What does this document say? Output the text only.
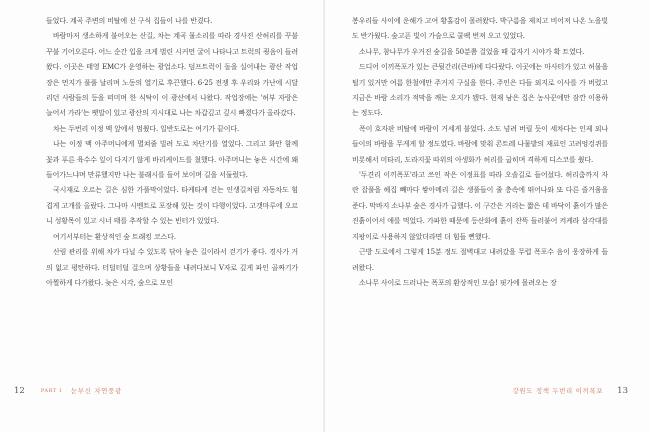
들었다. 계곡 주변의 비탈에 선 구식 집들이 나를 반겼다.

바람마저 생소하게 불어오는 산길, 차는 계곡 물소리를 따라 경사진 산허리를 꾸불꾸불 기어오른다. 어느 순간 입을 크게 벌린 시커먼 굴이 나타나고 트럭의 굉음이 들려왔다. 이곳은 태영 EMC가 운영하는 광업소다. 덤프트럭이 돌을 실어내는 광산 작업장은 먼지가 풀풀 날리며 노동의 열기로 후끈했다. 6·25 전쟁 후 우리와 가난에 시달리던 사람들의 등을 떠미며 한 식탁이 이 광산에서 나왔다. 작업장에는 '허부 자랑은 늘어서 가라'는 팻말이 있고 광산의 지시대로 나는 차갑깊고 깊시 빠졌다가 올라갔다.

차는 두번리 이정 맥 앞에서 멈췄다. 일반도로는 여기가 끝이다.

나는 이정 맥 아주머니에게 멸쳐줄 빌려 도로 차단기를 열었다. 그리고 화안 함께 꽃과 푸른 육수수 잎이 다지기 않게 바리케이드를 쳤했다. 아주머니는 놓은 시간에 왜 들어가느냐며 만류했지만 나는 불래시를 들어 보이며 길을 서둘렀다.

국시재로 오르는 길은 심한 가풀막이었다. 타케타케 걷는 인생길처럼 자동차도 힘겹게 고개를 올랐다. 그나마 시멘트로 포장해 있는 것이 다행이었다. 고갯마루에 오르니 성황목이 있고 시너 태를 추작할 수 있는 빈터가 있었다.

여기서부터는 환상적인 숲 트래킹 코스다.

산림 관리를 위해 차가 다닐 수 있도록 닦아 놓은 길이라서 걷기가 좋다. 경사가 거의 없고 평탄하다. 터덜터덜 걸으며 상황들을 내려다보니 V자로 깊게 파인 골짜기가 아찔하게 다가왔다. 늦은 시각, 숲으로 모인

12	PART 1 눈부신 자연풍광

봉우리들 사이에 운해가 고여 황홀감이 몰려왔다. 박구름을 제치고 비어져 나온 노을빛도 반가웠다. 숲고픈 빛이 가슴으로 쿨팩 번져 오고 있었다.

소나무, 참나무가 우거진 숲길을 50분쯤 걸었을 때 갑자기 시야가 확 트였다.

드디어 이끼폭포가 있는 큰뒷간리(큰바)에 다다랐다. 이곳에는 마사터가 있고 허물을 털기 있거만 여름 한철에만 주거지 구실을 한다. 주인은 다들 외지로 이사를 가 버렸고 지금은 바람 소리가 적막을 깨는 오지가 됐다. 현재 남은 집은 농사꾼에만 잠깐 이용하는 정도다.

폭이 호자판 비탈에 바람이 거세게 불었다. 소도 넘려 버릴 듯이 세차다는 인제 외나들이의 바람을 무게게 할 정도였다. 바람에 맞춰 콘트레 나물밭의 재료인 고려엉겅퀴를 비롯해서 미타리, 도라지꽃 따위의 아생화가 허리를 굽히며 격하게 디스코를 췄다.

'두견리 이끼폭포'라고 쓰인 작은 이정표를 따라 오솔길로 들어섰다. 허리춤까지 자란 잡풀을 헤집 빼마다 쌓아메리 길은 생풀들이 줄 층속에 뛰어나와 또 다른 즐거움을 준다. 막바지 소나부 숲은 경사가 급했다. 이 구간은 거리는 짧은 데 바닥이 흙이가 많은 진흙이어서 애를 먹었다. 가파한 때문에 등산화에 흙이 잔뜩 들러붙어 켜케라 삼각대를 지팡이로 사용하지 않았더라면 더 힘들 뻔했다.

근방 도로에서 그렇게 15분 정도 절벽대고 내려갔을 무렵 폭포수 음이 웅장하게 들려왔다.

소나무 사이로 드러나는 폭포의 환상적인 모습! 핏가에 몰려오는 장

강원도 정책 두번리 이끼폭포 13
